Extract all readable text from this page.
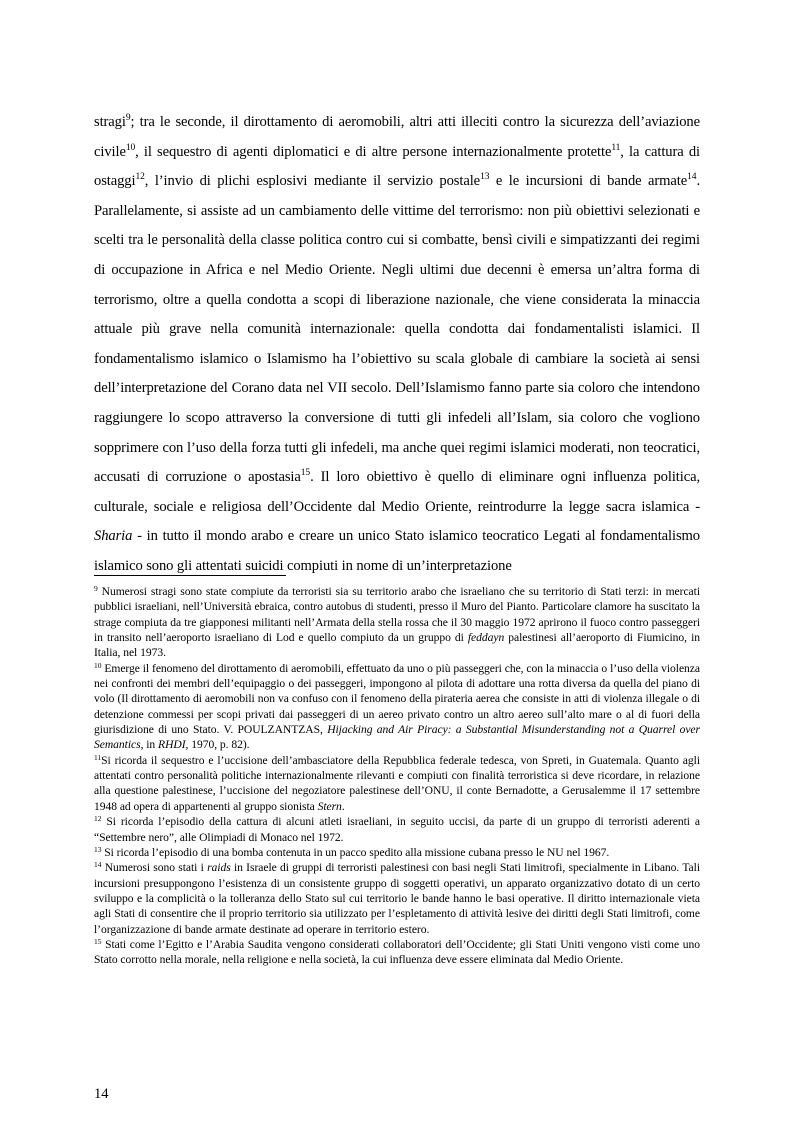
stragi$^9$; tra le seconde, il dirottamento di aeromobili, altri atti illeciti contro la sicurezza dell’aviazione civile$^{10}$, il sequestro di agenti diplomatici e di altre persone internazionalmente protette$^{11}$, la cattura di ostaggi$^{12}$, l’invio di plichi esplosivi mediante il servizio postale$^{13}$ e le incursioni di bande armate$^{14}$. Parallelamente, si assiste ad un cambiamento delle vittime del terrorismo: non più obiettivi selezionati e scelti tra le personalità della classe politica contro cui si combatte, bensì civili e simpatizzanti dei regimi di occupazione in Africa e nel Medio Oriente. Negli ultimi due decenni è emersa un’altra forma di terrorismo, oltre a quella condotta a scopi di liberazione nazionale, che viene considerata la minaccia attuale più grave nella comunità internazionale: quella condotta dai fondamentalisti islamici. Il fondamentalismo islamico o Islamismo ha l’obiettivo su scala globale di cambiare la società ai sensi dell’interpretazione del Corano data nel VII secolo. Dell’Islamismo fanno parte sia coloro che intendono raggiungere lo scopo attraverso la conversione di tutti gli infedeli all’Islam, sia coloro che vogliono sopprimere con l’uso della forza tutti gli infedeli, ma anche quei regimi islamici moderati, non teocratici, accusati di corruzione o apostasia$^{15}$. Il loro obiettivo è quello di eliminare ogni influenza politica, culturale, sociale e religiosa dell’Occidente dal Medio Oriente, reintrodurre la legge sacra islamica - Sharia - in tutto il mondo arabo e creare un unico Stato islamico teocratico Legati al fondamentalismo islamico sono gli attentati suicidi compiuti in nome di un’interpretazione

$^9$ Numerosi stragi sono state compiute da terroristi sia su territorio arabo che israeliano che su territorio di Stati terzi: in mercati pubblici israeliani, nell’Università ebraica, contro autobus di studenti, presso il Muro del Pianto. Particolare clamore ha suscitato la strage compiuta da tre giapponesi militanti nell’Armata della stella rossa che il 30 maggio 1972 aprirono il fuoco contro passeggeri in transito nell’aeroporto israeliano di Lod e quello compiuto da un gruppo di feddayn palestinesi all’aeroporto di Fiumicino, in Italia, nel 1973.

$^{10}$ Emerge il fenomeno del dirottamento di aeromobili, effettuato da uno o più passeggeri che, con la minaccia o l’uso della violenza nei confronti dei membri dell’equipaggio o dei passeggeri, impongono al pilota di adottare una rotta diversa da quella del piano di volo (Il dirottamento di aeromobili non va confuso con il fenomeno della pirateria aerea che consiste in atti di violenza illegale o di detenzione commessi per scopi privati dai passeggeri di un aereo privato contro un altro aereo sull’alto mare o al di fuori della giurisdizione di uno Stato. V. POULZANTZAS, Hijacking and Air Piracy: a Substantial Misunderstanding not a Quarrel over Semantics, in RHDI, 1970, p. 82).

$^{11}$Si ricorda il sequestro e l’uccisione dell’ambasciatore della Repubblica federale tedesca, von Spreti, in Guatemala. Quanto agli attentati contro personalità politiche internazionalmente rilevanti e compiuti con finalità terroristica si deve ricordare, in relazione alla questione palestinese, l’uccisione del negoziatore palestinese dell’ONU, il conte Bernadotte, a Gerusalemme il 17 settembre 1948 ad opera di appartenenti al gruppo sionista Stern.

$^{12}$ Si ricorda l’episodio della cattura di alcuni atleti israeliani, in seguito uccisi, da parte di un gruppo di terroristi aderenti a “Settembre nero”, alle Olimpiadi di Monaco nel 1972.

$^{13}$ Si ricorda l’episodio di una bomba contenuta in un pacco spedito alla missione cubana presso le NU nel 1967.

$^{14}$ Numerosi sono stati i raids in Israele di gruppi di terroristi palestinesi con basi negli Stati limitrofi, specialmente in Libano. Tali incursioni presuppongono l’esistenza di un consistente gruppo di soggetti operativi, un apparato organizzativo dotato di un certo sviluppo e la complicità o la tolleranza dello Stato sul cui territorio le bande hanno le basi operative. Il diritto internazionale vieta agli Stati di consentire che il proprio territorio sia utilizzato per l’espletamento di attività lesive dei diritti degli Stati limitrofi, come l’organizzazione di bande armate destinate ad operare in territorio estero.

$^{15}$ Stati come l’Egitto e l’Arabia Saudita vengono considerati collaboratori dell’Occidente; gli Stati Uniti vengono visti come uno Stato corrotto nella morale, nella religione e nella società, la cui influenza deve essere eliminata dal Medio Oriente.

14
